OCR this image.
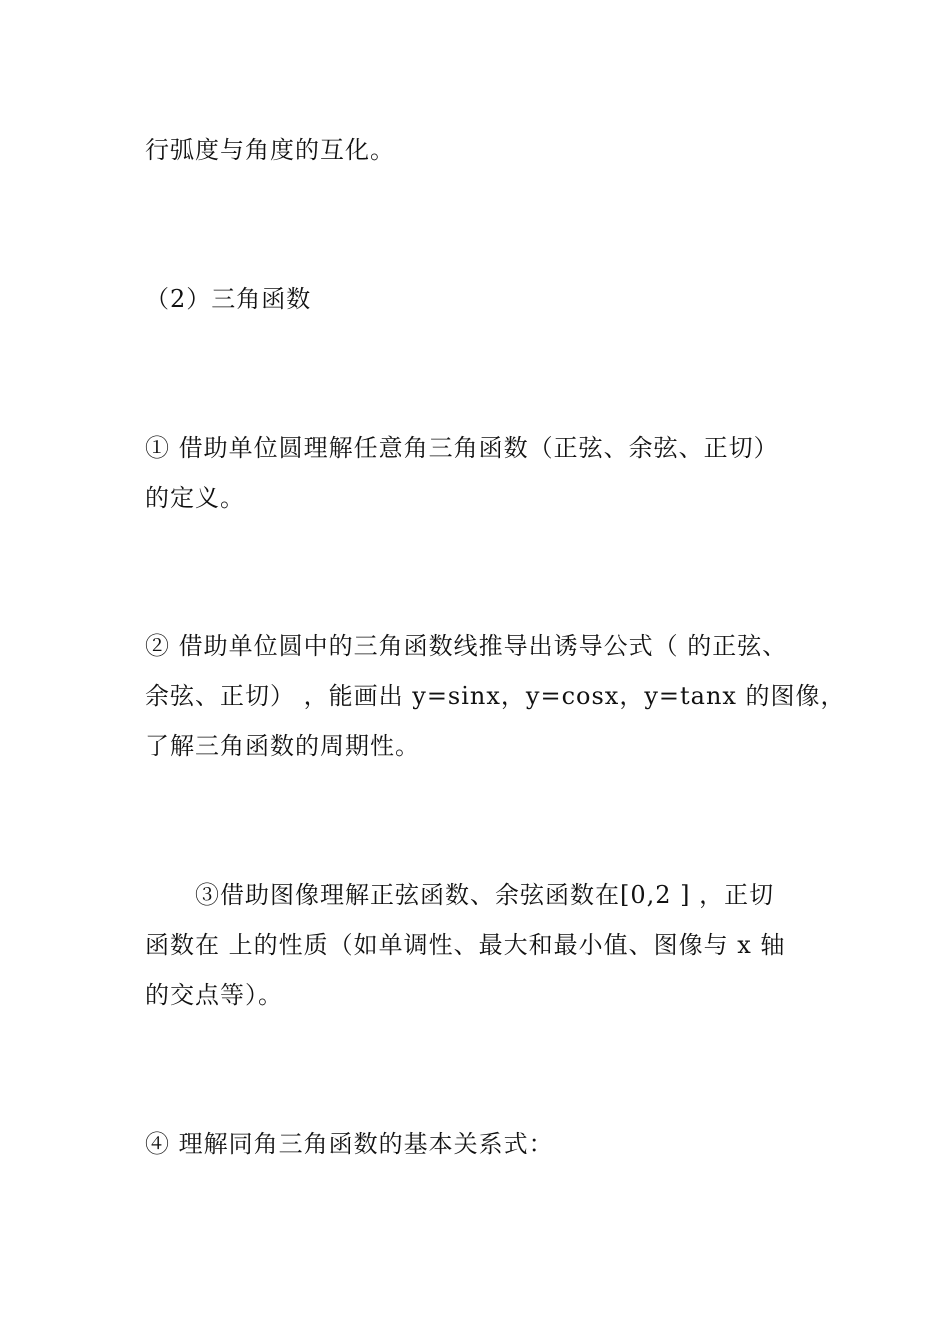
行弧度与角度的互化。

（2）三角函数

① 借助单位圆理解任意角三角函数（正弦、余弦、正切）

的定义。

② 借助单位圆中的三角函数线推导出诱导公式（ 的正弦、

余弦、正切） ，能画出 y=sinx，y=cosx，y=tanx 的图像，

了解三角函数的周期性。

③借助图像理解正弦函数、余弦函数在[0,2 ] ，正切

函数在 上的性质（如单调性、最大和最小值、图像与 x 轴

的交点等）。

④ 理解同角三角函数的基本关系式：
